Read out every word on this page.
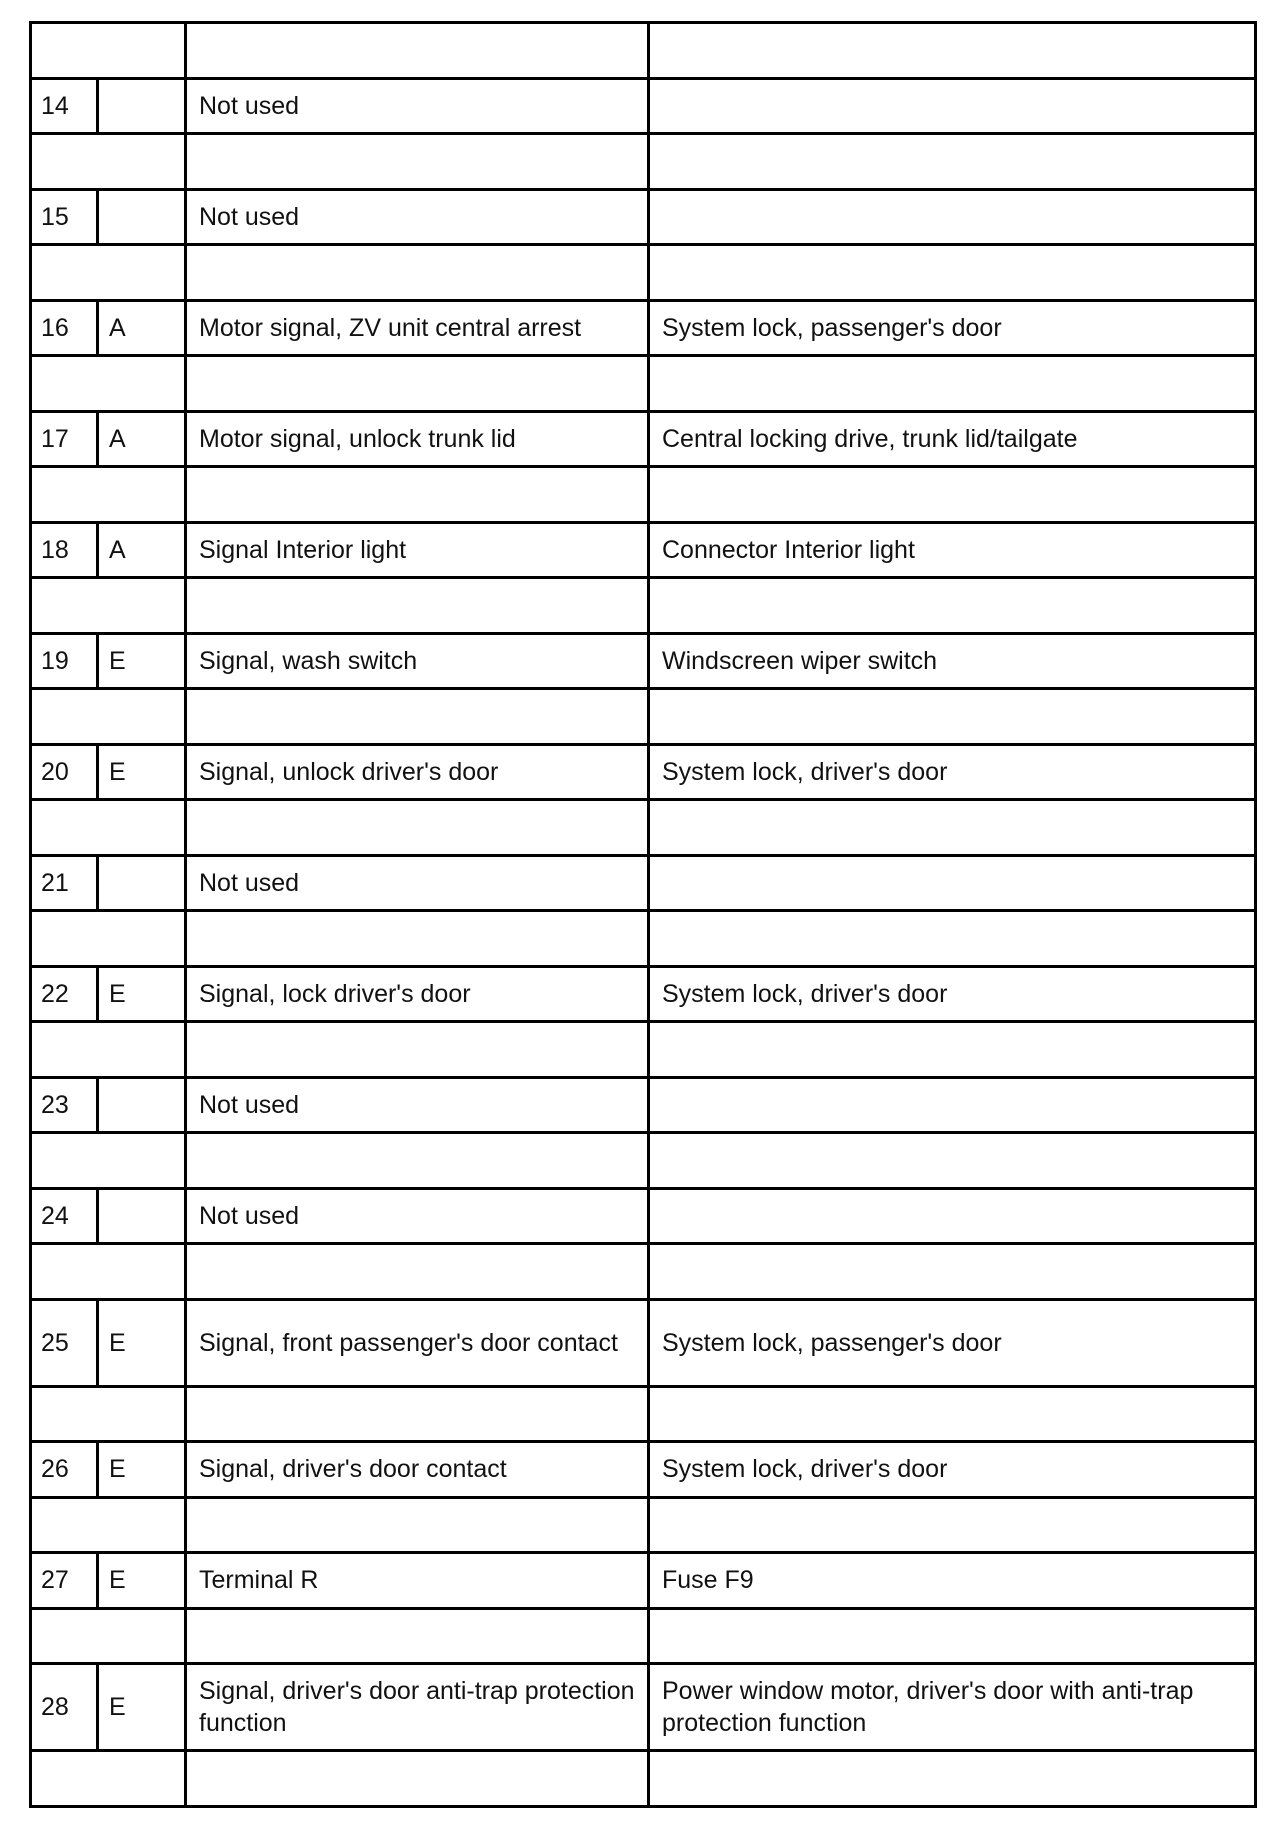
14		Not used	

15		Not used	

16	A	Motor signal, ZV unit central arrest	System lock, passenger's door

17	A	Motor signal, unlock trunk lid	Central locking drive, trunk lid/tailgate

18	A	Signal Interior light	Connector Interior light

19	E	Signal, wash switch	Windscreen wiper switch

20	E	Signal, unlock driver's door	System lock, driver's door

21		Not used	

22	E	Signal, lock driver's door	System lock, driver's door

23		Not used	

24		Not used	

25	E	Signal, front passenger's door contact	System lock, passenger's door

26	E	Signal, driver's door contact	System lock, driver's door

27	E	Terminal R	Fuse F9

28	E	Signal, driver's door anti-trap protection function	Power window motor, driver's door with anti-trap protection function
